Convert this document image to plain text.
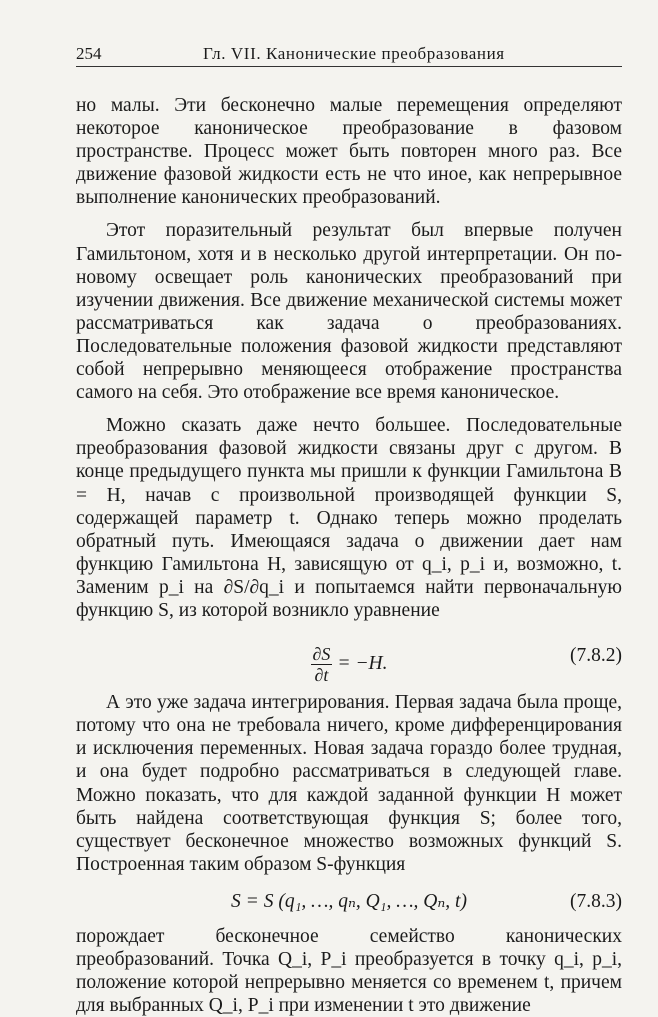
254	Гл. VII. Канонические преобразования

но малы. Эти бесконечно малые перемещения определяют некоторое каноническое преобразование в фазовом пространстве. Процесс может быть повторен много раз. Все движение фазовой жидкости есть не что иное, как непрерывное выполнение канонических преобразований.

Этот поразительный результат был впервые получен Гамильтоном, хотя и в несколько другой интерпретации. Он по-новому освещает роль канонических преобразований при изучении движения. Все движение механической системы может рассматриваться как задача о преобразованиях. Последовательные положения фазовой жидкости представляют собой непрерывно меняющееся отображение пространства самого на себя. Это отображение все время каноническое.

Можно сказать даже нечто большее. Последовательные преобразования фазовой жидкости связаны друг с другом. В конце предыдущего пункта мы пришли к функции Гамильтона B = H, начав с произвольной производящей функции S, содержащей параметр t. Однако теперь можно проделать обратный путь. Имеющаяся задача о движении дает нам функцию Гамильтона H, зависящую от q_i, p_i и, возможно, t. Заменим p_i на ∂S/∂q_i и попытаемся найти первоначальную функцию S, из которой возникло уравнение

$\frac{\partial S}{\partial t} = -H$.	(7.8.2)

А это уже задача интегрирования. Первая задача была проще, потому что она не требовала ничего, кроме дифференцирования и исключения переменных. Новая задача гораздо более трудная, и она будет подробно рассматриваться в следующей главе. Можно показать, что для каждой заданной функции H может быть найдена соответствующая функция S; более того, существует бесконечное множество возможных функций S. Построенная таким образом S-функция

S = S (q₁, …, qₙ, Q₁, …, Qₙ, t)	(7.8.3)

порождает бесконечное семейство канонических преобразований. Точка Q_i, P_i преобразуется в точку q_i, p_i, положение которой непрерывно меняется со временем t, причем для выбранных Q_i, P_i при изменении t это движение
